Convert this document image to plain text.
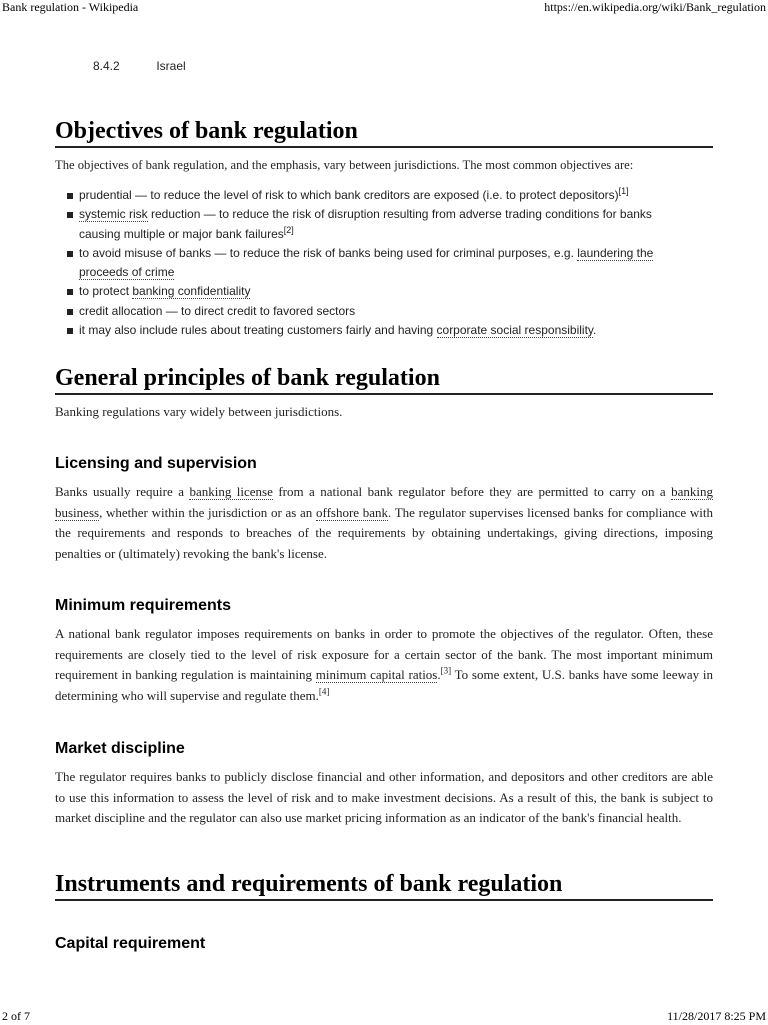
Bank regulation - Wikipedia	https://en.wikipedia.org/wiki/Bank_regulation
8.4.2	Israel
Objectives of bank regulation

The objectives of bank regulation, and the emphasis, vary between jurisdictions. The most common objectives are:

prudential — to reduce the level of risk to which bank creditors are exposed (i.e. to protect depositors)[1]
systemic risk reduction — to reduce the risk of disruption resulting from adverse trading conditions for banks causing multiple or major bank failures[2]
to avoid misuse of banks — to reduce the risk of banks being used for criminal purposes, e.g. laundering the proceeds of crime
to protect banking confidentiality
credit allocation — to direct credit to favored sectors
it may also include rules about treating customers fairly and having corporate social responsibility.
General principles of bank regulation

Banking regulations vary widely between jurisdictions.

Licensing and supervision

Banks usually require a banking license from a national bank regulator before they are permitted to carry on a banking business, whether within the jurisdiction or as an offshore bank. The regulator supervises licensed banks for compliance with the requirements and responds to breaches of the requirements by obtaining undertakings, giving directions, imposing penalties or (ultimately) revoking the bank's license.

Minimum requirements

A national bank regulator imposes requirements on banks in order to promote the objectives of the regulator. Often, these requirements are closely tied to the level of risk exposure for a certain sector of the bank. The most important minimum requirement in banking regulation is maintaining minimum capital ratios.[3] To some extent, U.S. banks have some leeway in determining who will supervise and regulate them.[4]

Market discipline

The regulator requires banks to publicly disclose financial and other information, and depositors and other creditors are able to use this information to assess the level of risk and to make investment decisions. As a result of this, the bank is subject to market discipline and the regulator can also use market pricing information as an indicator of the bank's financial health.

Instruments and requirements of bank regulation
Capital requirement
2 of 7	11/28/2017 8:25 PM
